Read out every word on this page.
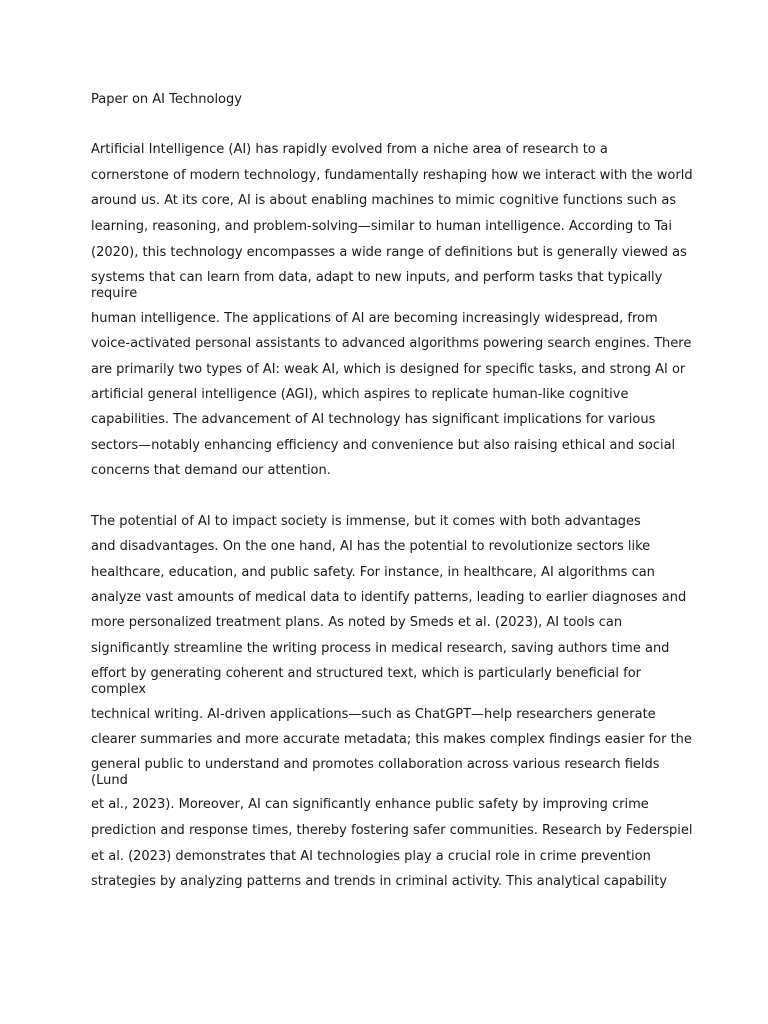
Paper on AI Technology
Artificial Intelligence (AI) has rapidly evolved from a niche area of research to a
cornerstone of modern technology, fundamentally reshaping how we interact with the world
around us. At its core, AI is about enabling machines to mimic cognitive functions such as
learning, reasoning, and problem-solving—similar to human intelligence. According to Tai
(2020), this technology encompasses a wide range of definitions but is generally viewed as
systems that can learn from data, adapt to new inputs, and perform tasks that typically
require
human intelligence. The applications of AI are becoming increasingly widespread, from
voice-activated personal assistants to advanced algorithms powering search engines. There
are primarily two types of AI: weak AI, which is designed for specific tasks, and strong AI or
artificial general intelligence (AGI), which aspires to replicate human-like cognitive
capabilities. The advancement of AI technology has significant implications for various
sectors—notably enhancing efficiency and convenience but also raising ethical and social
concerns that demand our attention.
The potential of AI to impact society is immense, but it comes with both advantages
and disadvantages. On the one hand, AI has the potential to revolutionize sectors like
healthcare, education, and public safety. For instance, in healthcare, AI algorithms can
analyze vast amounts of medical data to identify patterns, leading to earlier diagnoses and
more personalized treatment plans. As noted by Smeds et al. (2023), AI tools can
significantly streamline the writing process in medical research, saving authors time and
effort by generating coherent and structured text, which is particularly beneficial for
complex
technical writing. AI-driven applications—such as ChatGPT—help researchers generate
clearer summaries and more accurate metadata; this makes complex findings easier for the
general public to understand and promotes collaboration across various research fields
(Lund
et al., 2023). Moreover, AI can significantly enhance public safety by improving crime
prediction and response times, thereby fostering safer communities. Research by Federspiel
et al. (2023) demonstrates that AI technologies play a crucial role in crime prevention
strategies by analyzing patterns and trends in criminal activity. This analytical capability
